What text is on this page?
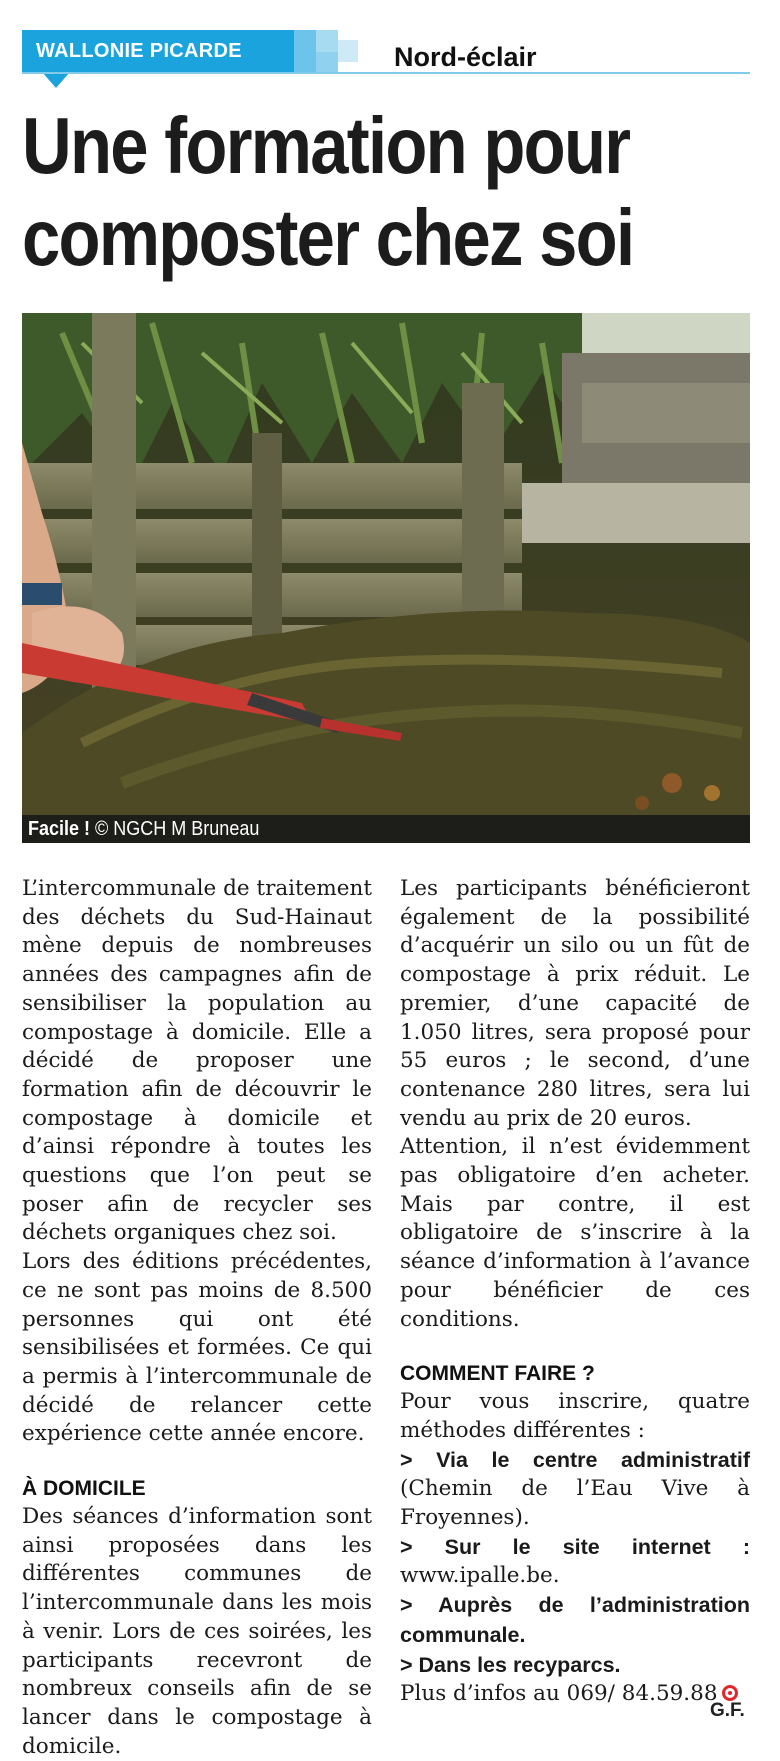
WALLONIE PICARDE	Nord-éclair
Une formation pour
composter chez soi
Facile ! © NGCH M Bruneau

L’intercommunale de traitement des déchets du Sud-Hainaut mène depuis de nombreuses années des campagnes afin de sensibiliser la population au compostage à domicile. Elle a décidé de proposer une formation afin de découvrir le compostage à domicile et d’ainsi répondre à toutes les questions que l’on peut se poser afin de recycler ses déchets organiques chez soi.

Lors des éditions précédentes, ce ne sont pas moins de 8.500 personnes qui ont été sensibilisées et formées. Ce qui a permis à l’intercommunale de décidé de relancer cette expérience cette année encore.

À DOMICILE

Des séances d’information sont ainsi proposées dans les différentes communes de l’intercommunale dans les mois à venir. Lors de ces soirées, les participants recevront de nombreux conseils afin de se lancer dans le compostage à domicile.

Les participants bénéficieront également de la possibilité d’acquérir un silo ou un fût de compostage à prix réduit. Le premier, d’une capacité de 1.050 litres, sera proposé pour 55 euros ; le second, d’une contenance 280 litres, sera lui vendu au prix de 20 euros.

Attention, il n’est évidemment pas obligatoire d’en acheter. Mais par contre, il est obligatoire de s’inscrire à la séance d’information à l’avance pour bénéficier de ces conditions.

COMMENT FAIRE ?

Pour vous inscrire, quatre méthodes différentes :

> Via le centre administratif (Chemin de l’Eau Vive à Froyennes).

> Sur le site internet : www.ipalle.be.

> Auprès de l’administration communale.

> Dans les recyparcs.

Plus d’infos au 069/ 84.59.88

G.F.
